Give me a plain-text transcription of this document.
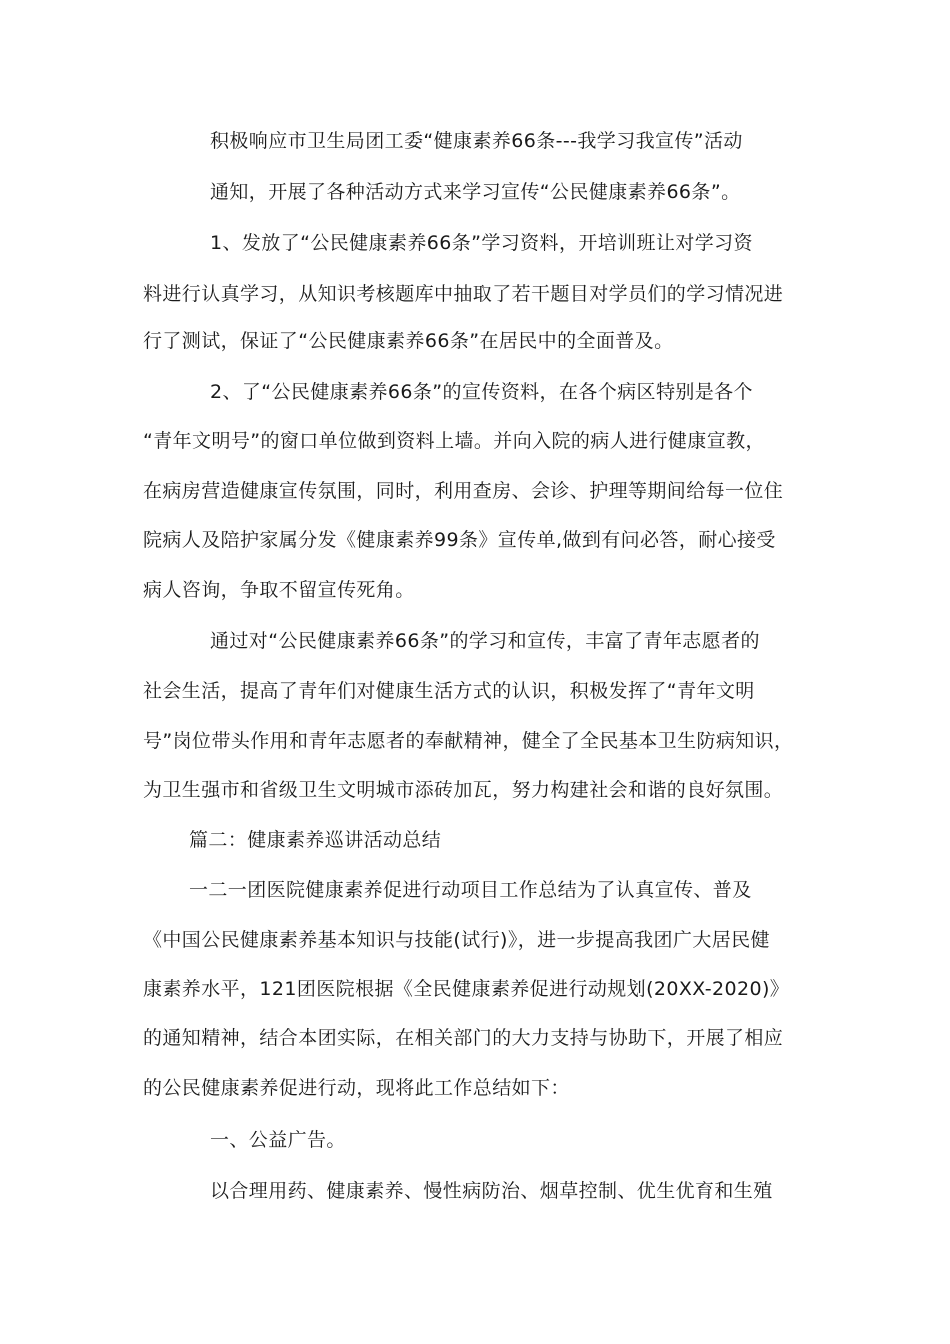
积极响应市卫生局团工委“健康素养66条---我学习我宣传”活动
通知，开展了各种活动方式来学习宣传“公民健康素养66条”。
1、发放了“公民健康素养66条”学习资料，开培训班让对学习资
料进行认真学习，从知识考核题库中抽取了若干题目对学员们的学习情况进
行了测试，保证了“公民健康素养66条”在居民中的全面普及。
2、了“公民健康素养66条”的宣传资料，在各个病区特别是各个
“青年文明号”的窗口单位做到资料上墙。并向入院的病人进行健康宣教，
在病房营造健康宣传氛围，同时，利用查房、会诊、护理等期间给每一位住
院病人及陪护家属分发《健康素养99条》宣传单,做到有问必答，耐心接受
病人咨询，争取不留宣传死角。
通过对“公民健康素养66条”的学习和宣传，丰富了青年志愿者的
社会生活，提高了青年们对健康生活方式的认识，积极发挥了“青年文明
号”岗位带头作用和青年志愿者的奉献精神，健全了全民基本卫生防病知识，
为卫生强市和省级卫生文明城市添砖加瓦，努力构建社会和谐的良好氛围。
篇二：健康素养巡讲活动总结
一二一团医院健康素养促进行动项目工作总结为了认真宣传、普及
《中国公民健康素养基本知识与技能(试行)》，进一步提高我团广大居民健
康素养水平，121团医院根据《全民健康素养促进行动规划(20XX-2020)》
的通知精神，结合本团实际，在相关部门的大力支持与协助下，开展了相应
的公民健康素养促进行动，现将此工作总结如下：
一、公益广告。
以合理用药、健康素养、慢性病防治、烟草控制、优生优育和生殖
